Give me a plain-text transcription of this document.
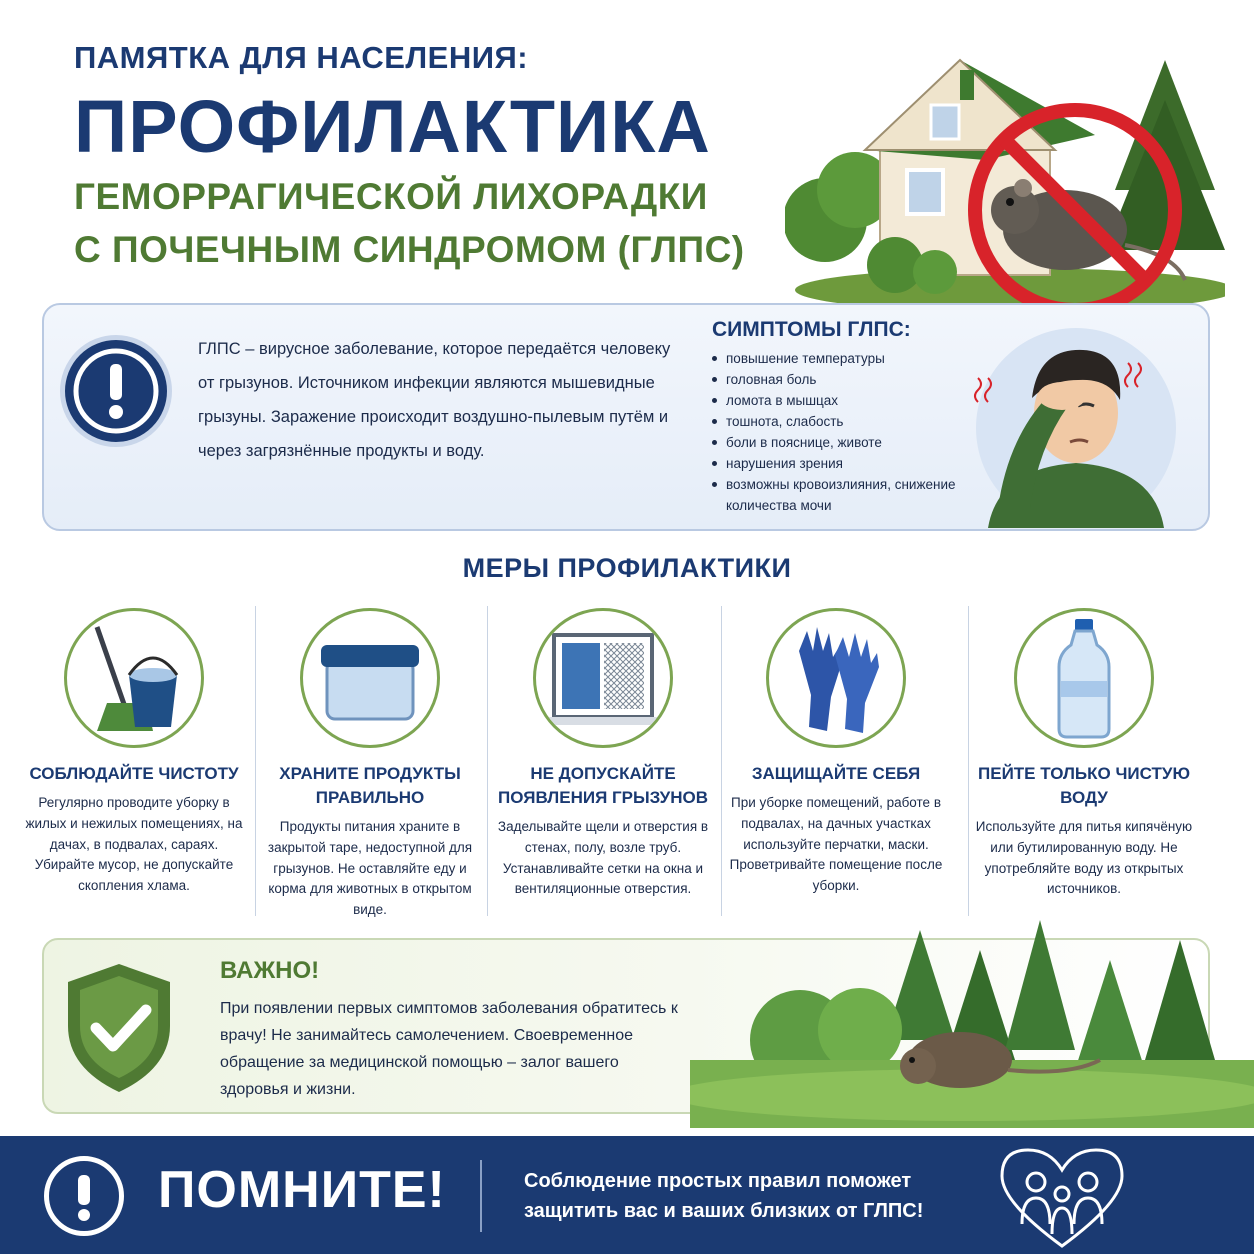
ПАМЯТКА ДЛЯ НАСЕЛЕНИЯ:
ПРОФИЛАКТИКА
ГЕМОРРАГИЧЕСКОЙ ЛИХОРАДКИ
С ПОЧЕЧНЫМ СИНДРОМОМ (ГЛПС)
ГЛПС – вирусное заболевание, которое передаётся человеку от грызунов. Источником инфекции являются мышевидные грызуны. Заражение происходит воздушно-пылевым путём и через загрязнённые продукты и воду.
СИМПТОМЫ ГЛПС:
повышение температуры
головная боль
ломота в мышцах
тошнота, слабость
боли в пояснице, животе
нарушения зрения
возможны кровоизлияния, снижение количества мочи
МЕРЫ ПРОФИЛАКТИКИ
СОБЛЮДАЙТЕ ЧИСТОТУ
Регулярно проводите уборку в жилых и нежилых помещениях, на дачах, в подвалах, сараях. Убирайте мусор, не допускайте скопления хлама.
ХРАНИТЕ ПРОДУКТЫ ПРАВИЛЬНО
Продукты питания храните в закрытой таре, недоступной для грызунов. Не оставляйте еду и корма для животных в открытом виде.
НЕ ДОПУСКАЙТЕ ПОЯВЛЕНИЯ ГРЫЗУНОВ
Заделывайте щели и отверстия в стенах, полу, возле труб. Устанавливайте сетки на окна и вентиляционные отверстия.
ЗАЩИЩАЙТЕ СЕБЯ
При уборке помещений, работе в подвалах, на дачных участках используйте перчатки, маски. Проветривайте помещение после уборки.
ПЕЙТЕ ТОЛЬКО ЧИСТУЮ ВОДУ
Используйте для питья кипячёную или бутилированную воду. Не употребляйте воду из открытых источников.
ВАЖНО!
При появлении первых симптомов заболевания обратитесь к врачу! Не занимайтесь самолечением. Своевременное обращение за медицинской помощью – залог вашего здоровья и жизни.
ПОМНИТЕ!	Соблюдение простых правил поможет
защитить вас и ваших близких от ГЛПС!
